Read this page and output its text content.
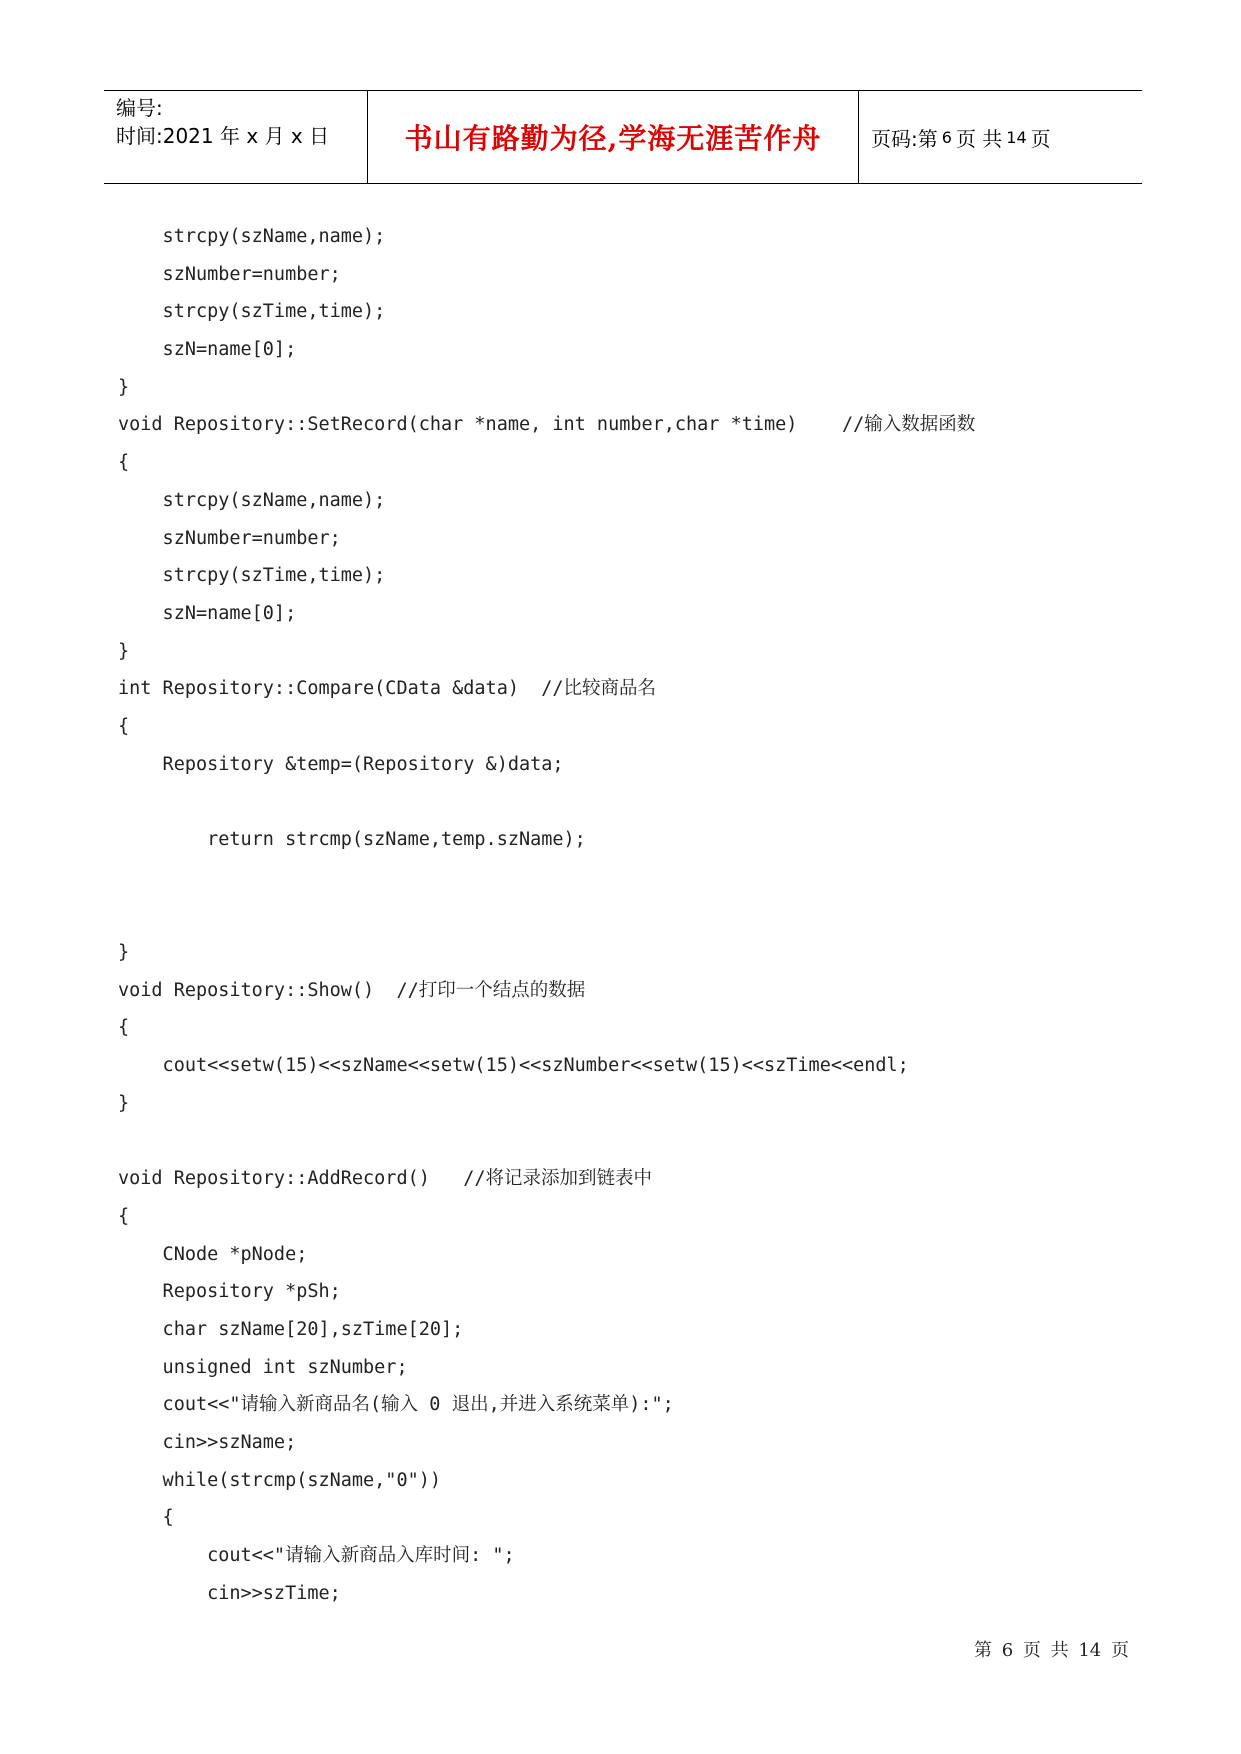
编号:
时间:2021 年 x 月 x 日	书山有路勤为径,学海无涯苦作舟	页码:第 6 页 共 14 页
strcpy(szName,name);
szNumber=number;
strcpy(szTime,time);
szN=name[0];
}
void Repository::SetRecord(char *name, int number,char *time)    //输入数据函数
{
strcpy(szName,name);
szNumber=number;
strcpy(szTime,time);
szN=name[0];
}
int Repository::Compare(CData &data)  //比较商品名
{
Repository &temp=(Repository &)data;
return strcmp(szName,temp.szName);
}
void Repository::Show()  //打印一个结点的数据
{
cout<<setw(15)<<szName<<setw(15)<<szNumber<<setw(15)<<szTime<<endl;
}
void Repository::AddRecord()   //将记录添加到链表中
{
CNode *pNode;
Repository *pSh;
char szName[20],szTime[20];
unsigned int szNumber;
cout<<"请输入新商品名(输入 0 退出,并进入系统菜单):";
cin>>szName;
while(strcmp(szName,"0"))
{
cout<<"请输入新商品入库时间: ";
cin>>szTime;
第 6 页 共 14 页
